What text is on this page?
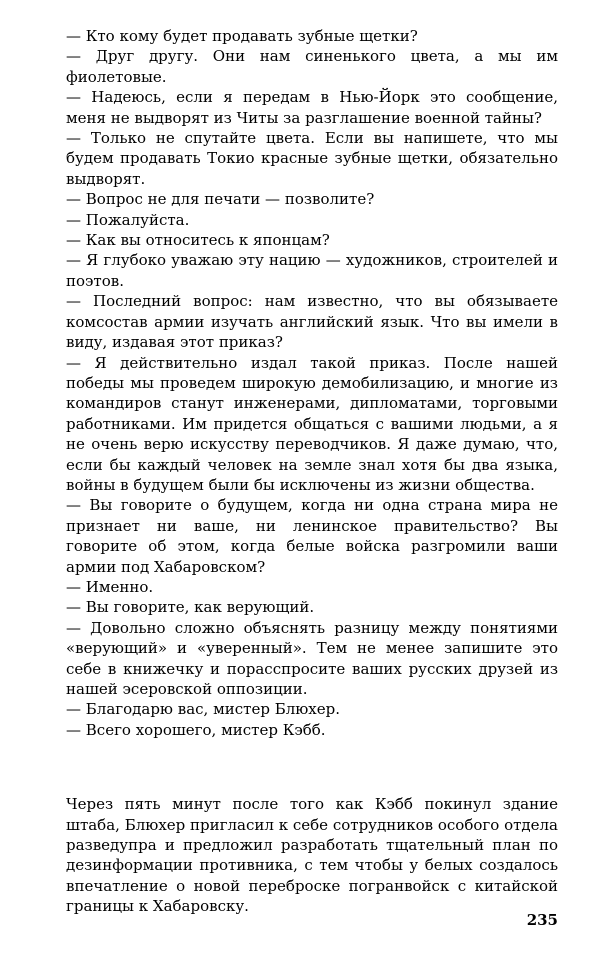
— Кто кому будет продавать зубные щетки?

— Друг другу. Они нам синенького цвета, а мы им фиолетовые.

— Надеюсь, если я передам в Нью-Йорк это сообщение, меня не выдворят из Читы за разглашение военной тайны?

— Только не спутайте цвета. Если вы напишете, что мы будем продавать Токио красные зубные щетки, обязательно выдворят.

— Вопрос не для печати — позволите?

— Пожалуйста.

— Как вы относитесь к японцам?

— Я глубоко уважаю эту нацию — художников, строителей и поэтов.

— Последний вопрос: нам известно, что вы обязываете комсостав армии изучать английский язык. Что вы имели в виду, издавая этот приказ?

— Я действительно издал такой приказ. После нашей победы мы проведем широкую демобилизацию, и многие из командиров станут инженерами, дипломатами, торговыми работниками. Им придется общаться с вашими людьми, а я не очень верю искусству переводчиков. Я даже думаю, что, если бы каждый человек на земле знал хотя бы два языка, войны в будущем были бы исключены из жизни общества.

— Вы говорите о будущем, когда ни одна страна мира не признает ни ваше, ни ленинское правительство? Вы говорите об этом, когда белые войска разгромили ваши армии под Хабаровском?

— Именно.

— Вы говорите, как верующий.

— Довольно сложно объяснять разницу между понятиями «верующий» и «уверенный». Тем не менее запишите это себе в книжечку и порасспросите ваших русских друзей из нашей эсеровской оппозиции.

— Благодарю вас, мистер Блюхер.

— Всего хорошего, мистер Кэбб.

Через пять минут после того как Кэбб покинул здание штаба, Блюхер пригласил к себе сотрудников особого отдела разведупра и предложил разработать тщательный план по дезинформации противника, с тем чтобы у белых создалось впечатление о новой переброске погранвойск с китайской границы к Хабаровску.

235
